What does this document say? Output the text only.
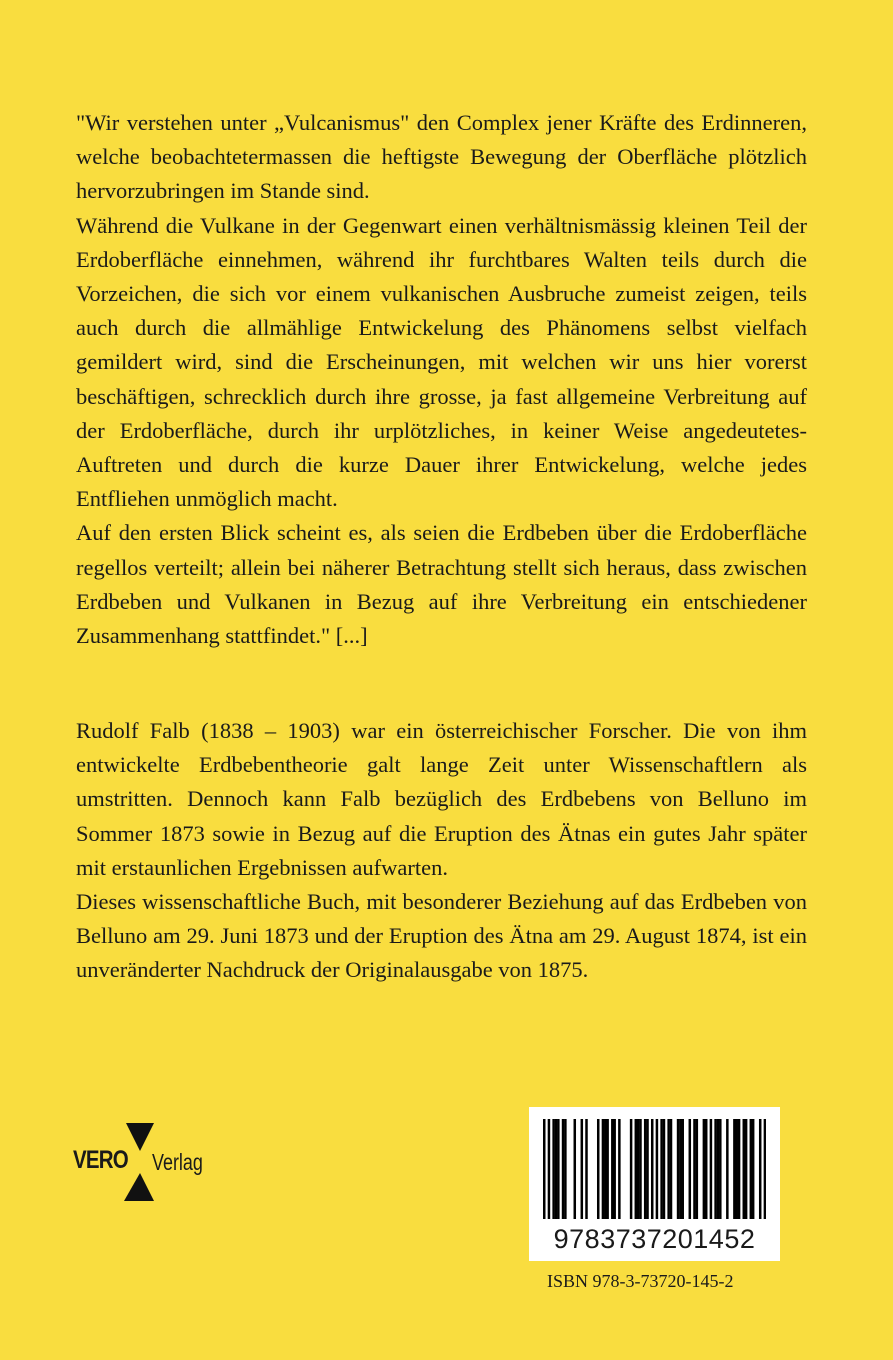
"Wir verstehen unter „Vulcanismus" den Complex jener Kräfte des Erdinneren, welche beobachtetermassen die heftigste Bewegung der Oberfläche plötzlich hervorzubringen im Stande sind.

Während die Vulkane in der Gegenwart einen verhältnismässig kleinen Teil der Erdoberfläche einnehmen, während ihr furchtbares Walten teils durch die Vorzeichen, die sich vor einem vulkanischen Ausbruche zumeist zeigen, teils auch durch die allmählige Entwickelung des Phänomens selbst vielfach gemildert wird, sind die Erscheinungen, mit welchen wir uns hier vorerst beschäftigen, schrecklich durch ihre grosse, ja fast allgemeine Verbreitung auf der Erdoberfläche, durch ihr urplötzliches, in keiner Weise angedeutetes-Auftreten und durch die kurze Dauer ihrer Entwickelung, welche jedes Entfliehen unmöglich macht.

Auf den ersten Blick scheint es, als seien die Erdbeben über die Erdoberfläche regellos verteilt; allein bei näherer Betrachtung stellt sich heraus, dass zwischen Erdbeben und Vulkanen in Bezug auf ihre Verbreitung ein entschiedener Zusammenhang stattfindet." [...]

Rudolf Falb (1838 – 1903) war ein österreichischer Forscher. Die von ihm entwickelte Erdbebentheorie galt lange Zeit unter Wissenschaftlern als umstritten. Dennoch kann Falb bezüglich des Erdbebens von Belluno im Sommer 1873 sowie in Bezug auf die Eruption des Ätnas ein gutes Jahr später mit erstaunlichen Ergebnissen aufwarten.

Dieses wissenschaftliche Buch, mit besonderer Beziehung auf das Erdbeben von Belluno am 29. Juni 1873 und der Eruption des Ätna am 29. August 1874, ist ein unveränderter Nachdruck der Originalausgabe von 1875.

VERO Verlag
9783737201452
ISBN 978-3-73720-145-2
